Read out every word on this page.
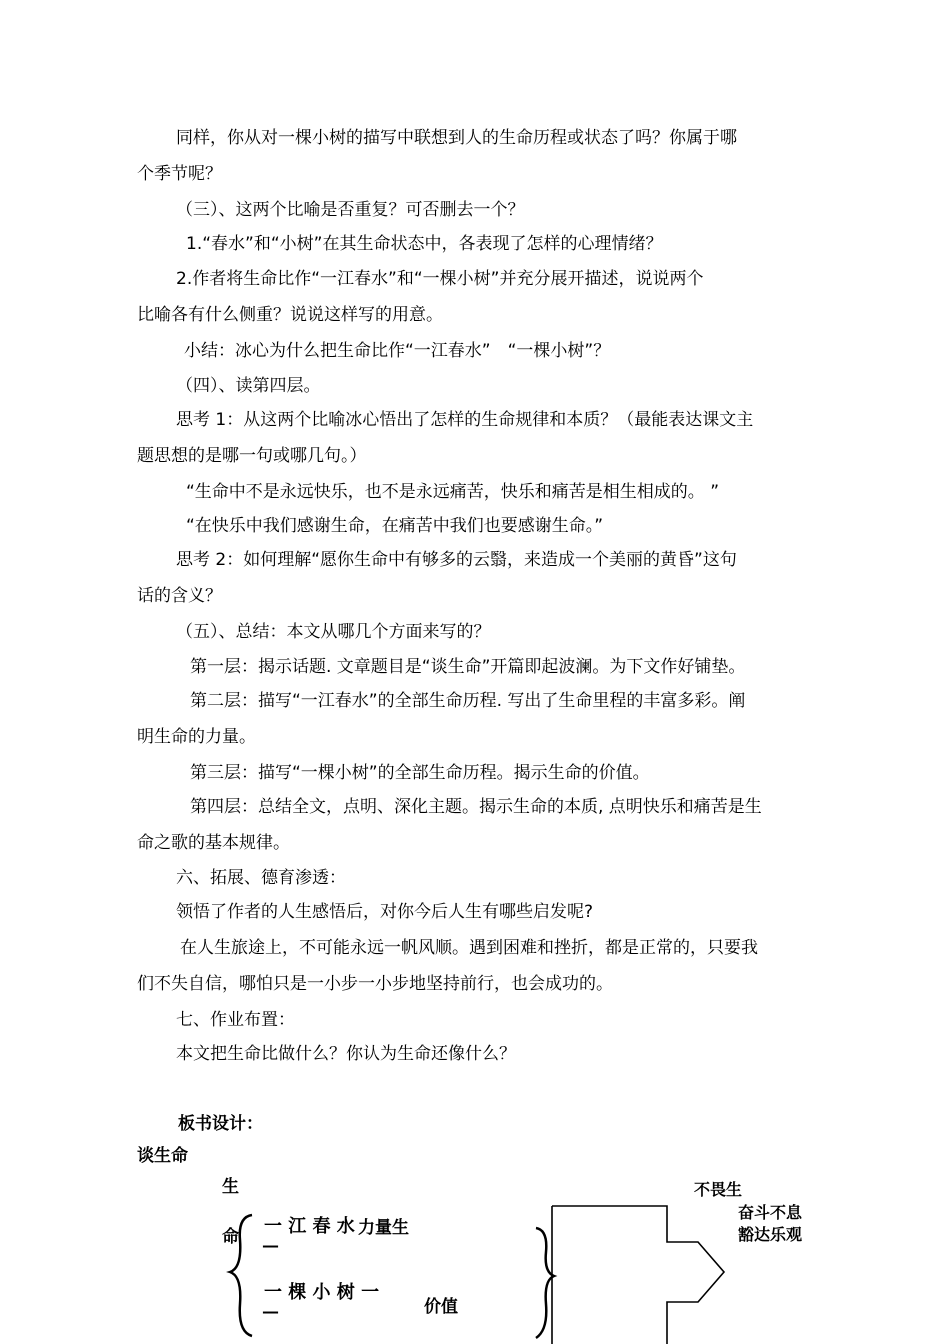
同样，你从对一棵小树的描写中联想到人的生命历程或状态了吗？你属于哪
个季节呢？
（三）、这两个比喻是否重复？可否删去一个？
1.“春水”和“小树”在其生命状态中，各表现了怎样的心理情绪？
2.作者将生命比作“一江春水”和“一棵小树”并充分展开描述，说说两个
比喻各有什么侧重？说说这样写的用意。
小结：冰心为什么把生命比作“一江春水”　“一棵小树”？
（四）、读第四层。
思考 1：从这两个比喻冰心悟出了怎样的生命规律和本质？（最能表达课文主
题思想的是哪一句或哪几句。）
“生命中不是永远快乐，也不是永远痛苦，快乐和痛苦是相生相成的。 ”
“在快乐中我们感谢生命，在痛苦中我们也要感谢生命。”
思考 2：如何理解“愿你生命中有够多的云翳，来造成一个美丽的黄昏”这句
话的含义？
（五）、总结：本文从哪几个方面来写的？
第一层：揭示话题. 文章题目是“谈生命”开篇即起波澜。为下文作好铺垫。
第二层：描写“一江春水”的全部生命历程. 写出了生命里程的丰富多彩。阐
明生命的力量。
第三层：描写“一棵小树”的全部生命历程。揭示生命的价值。
第四层：总结全文，点明、深化主题。揭示生命的本质, 点明快乐和痛苦是生
命之歌的基本规律。
六、拓展、德育渗透：
领悟了作者的人生感悟后，对你今后人生有哪些启发呢?
在人生旅途上，不可能永远一帆风顺。遇到困难和挫折，都是正常的，只要我
们不失自信，哪怕只是一小步一小步地坚持前行，也会成功的。
七、作业布置：
本文把生命比做什么？你认为生命还像什么？
板书设计：
谈生命
生
命 一 江 春 水 力量生
—
一 棵 小 树 一
价值
—
不畏生
奋斗不息
豁达乐观
